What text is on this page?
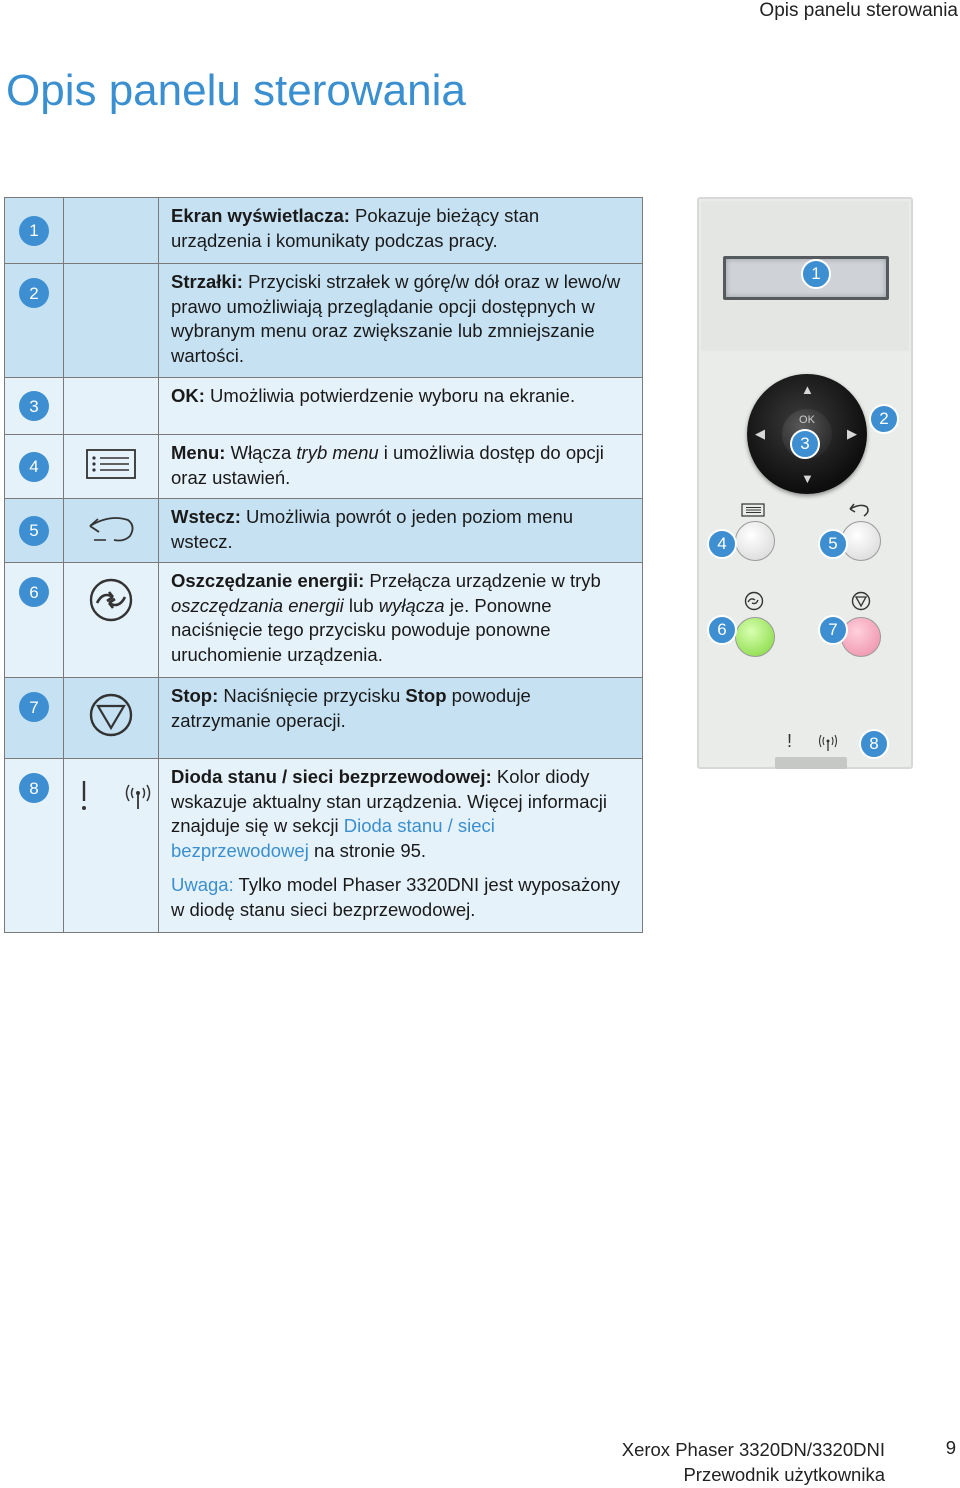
Opis panelu sterowania
Opis panelu sterowania
1		Ekran wyświetlacza: Pokazuje bieżący stan urządzenia i komunikaty podczas pracy.
2		Strzałki: Przyciski strzałek w górę/w dół oraz w lewo/w prawo umożliwiają przeglądanie opcji dostępnych w wybranym menu oraz zwiększanie lub zmniejszanie wartości.
3		OK: Umożliwia potwierdzenie wyboru na ekranie.
4		Menu: Włącza tryb menu i umożliwia dostęp do opcji oraz ustawień.
5		Wstecz: Umożliwia powrót o jeden poziom menu wstecz.
6		Oszczędzanie energii: Przełącza urządzenie w tryb oszczędzania energii lub wyłącza je. Ponowne naciśnięcie tego przycisku powoduje ponowne uruchomienie urządzenia.
7		Stop: Naciśnięcie przycisku Stop powoduje zatrzymanie operacji.
8		Dioda stanu / sieci bezprzewodowej: Kolor diody wskazuje aktualny stan urządzenia. Więcej informacji znajduje się w sekcji Dioda stanu / sieci bezprzewodowej na stronie 95.
Uwaga: Tylko model Phaser 3320DNI jest wyposażony w diodę stanu sieci bezprzewodowej.
1
▲
▼
◀	▶
OK
3
2
4	5
6	7
!	8
Xerox Phaser 3320DN/3320DNI
Przewodnik użytkownika
9
